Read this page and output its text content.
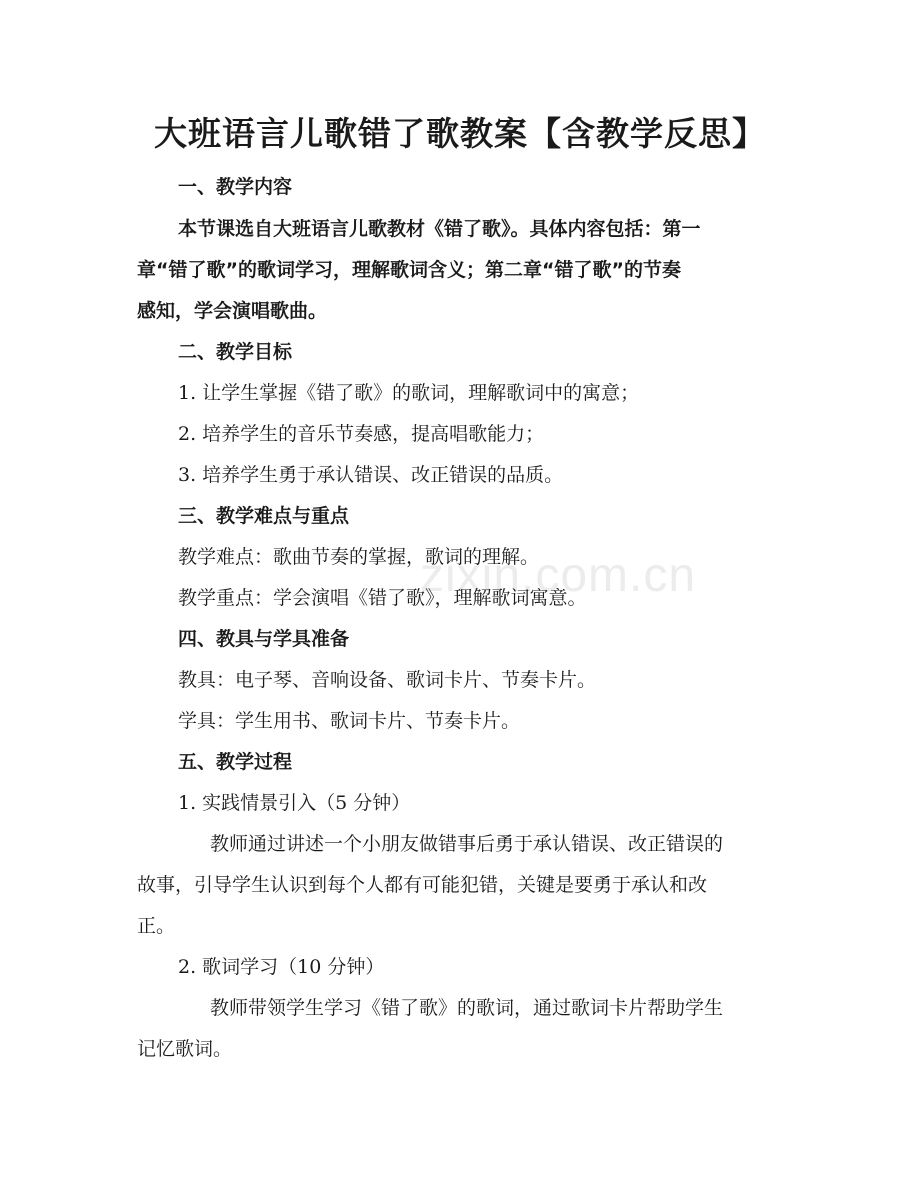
zixin.com.cn
大班语言儿歌错了歌教案【含教学反思】
一、教学内容
本节课选自大班语言儿歌教材《错了歌》。具体内容包括：第一
章“错了歌”的歌词学习，理解歌词含义；第二章“错了歌”的节奏
感知，学会演唱歌曲。
二、教学目标
1. 让学生掌握《错了歌》的歌词，理解歌词中的寓意；
2. 培养学生的音乐节奏感，提高唱歌能力；
3. 培养学生勇于承认错误、改正错误的品质。
三、教学难点与重点
教学难点：歌曲节奏的掌握，歌词的理解。
教学重点：学会演唱《错了歌》，理解歌词寓意。
四、教具与学具准备
教具：电子琴、音响设备、歌词卡片、节奏卡片。
学具：学生用书、歌词卡片、节奏卡片。
五、教学过程
1. 实践情景引入（5 分钟）
教师通过讲述一个小朋友做错事后勇于承认错误、改正错误的
故事，引导学生认识到每个人都有可能犯错，关键是要勇于承认和改
正。
2. 歌词学习（10 分钟）
教师带领学生学习《错了歌》的歌词，通过歌词卡片帮助学生
记忆歌词。
